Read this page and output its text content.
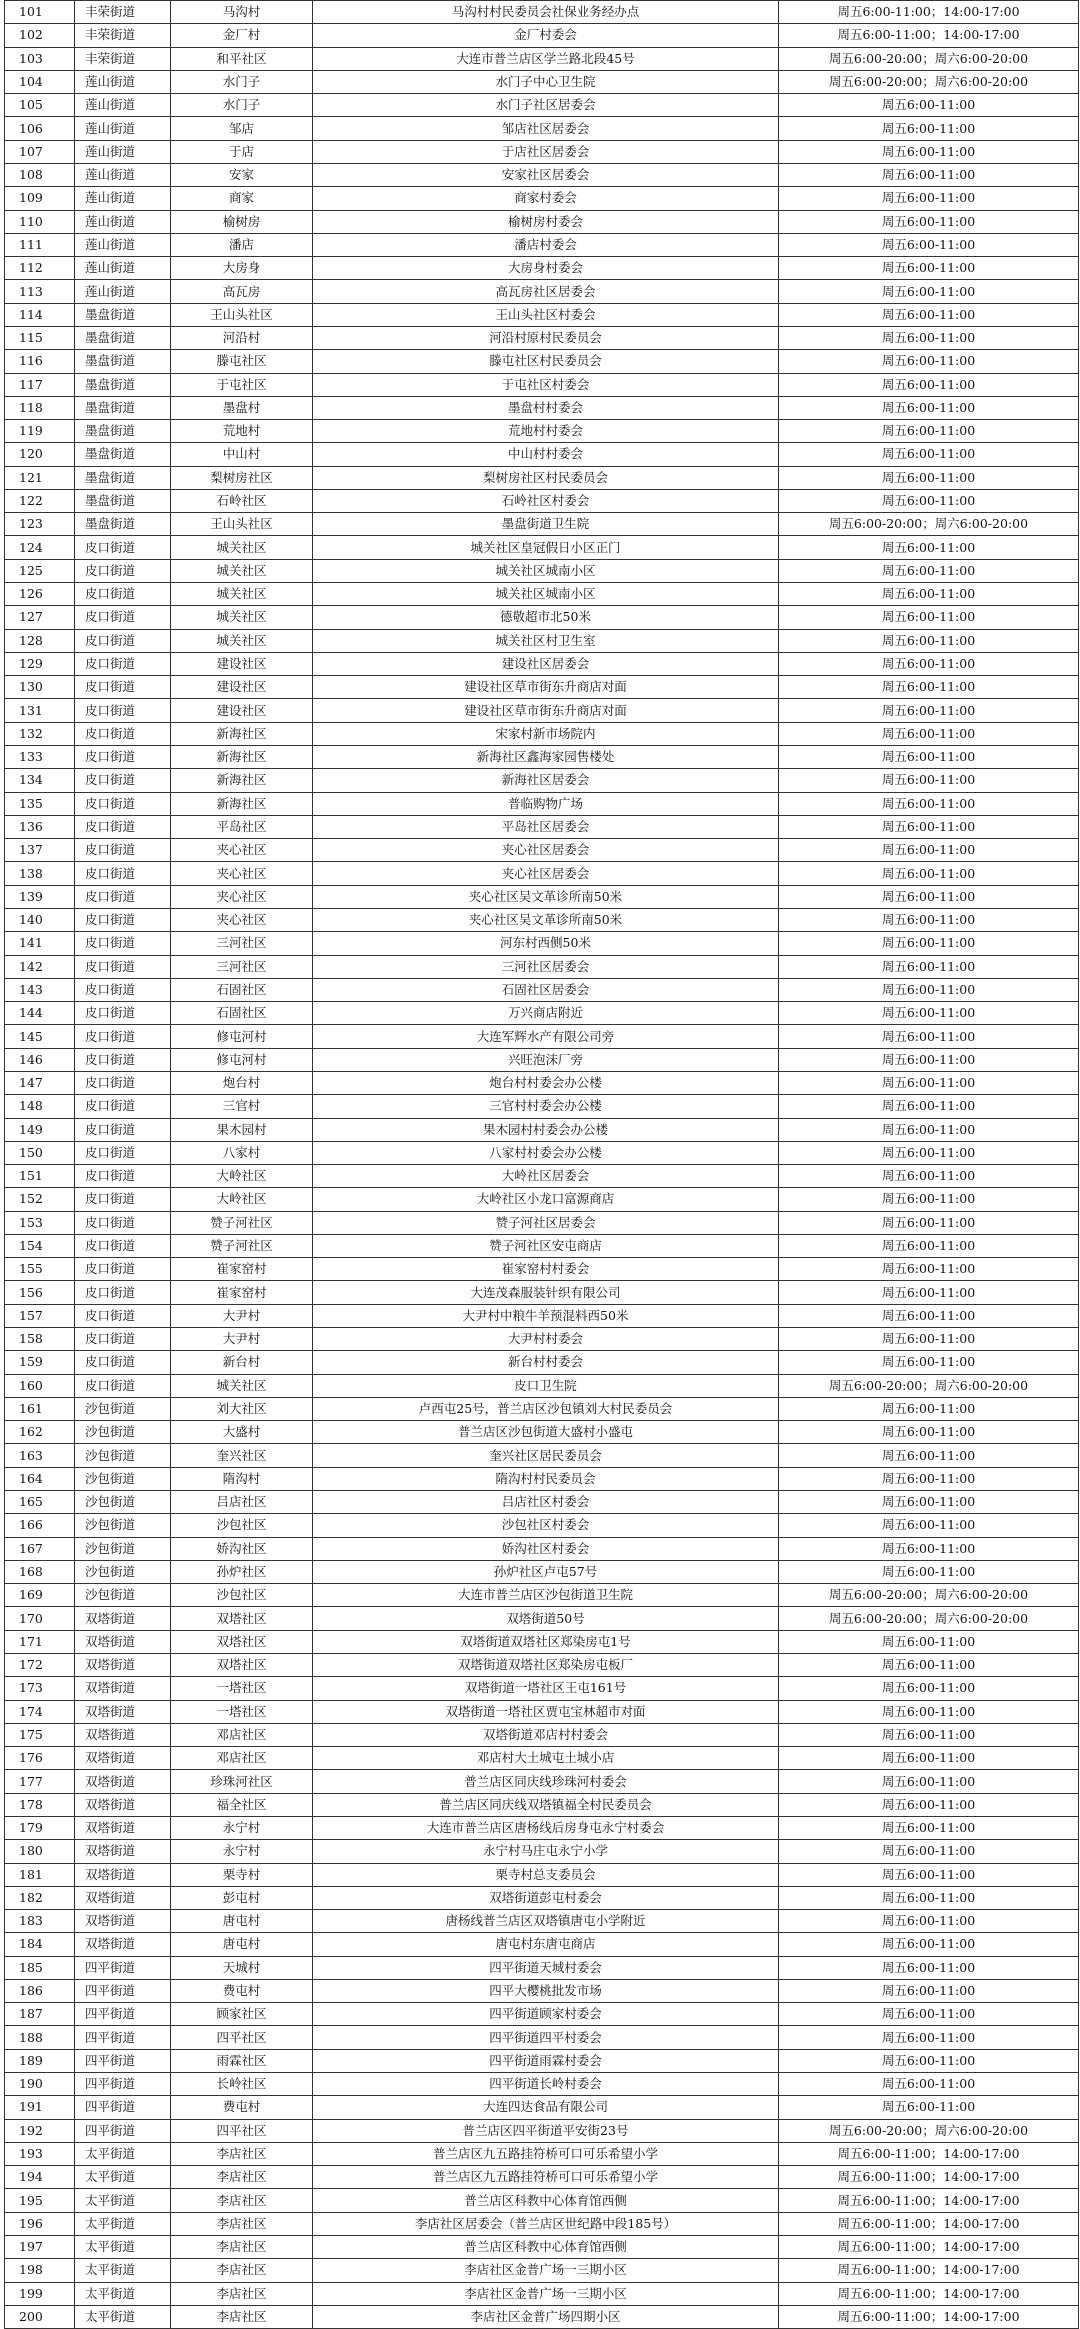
101	丰荣街道	马沟村	马沟村村民委员会社保业务经办点	周五6:00-11:00；14:00-17:00
102	丰荣街道	金厂村	金厂村委会	周五6:00-11:00；14:00-17:00
103	丰荣街道	和平社区	大连市普兰店区学兰路北段45号	周五6:00-20:00；周六6:00-20:00
104	莲山街道	水门子	水门子中心卫生院	周五6:00-20:00；周六6:00-20:00
105	莲山街道	水门子	水门子社区居委会	周五6:00-11:00
106	莲山街道	邹店	邹店社区居委会	周五6:00-11:00
107	莲山街道	于店	于店社区居委会	周五6:00-11:00
108	莲山街道	安家	安家社区居委会	周五6:00-11:00
109	莲山街道	商家	商家村委会	周五6:00-11:00
110	莲山街道	榆树房	榆树房村委会	周五6:00-11:00
111	莲山街道	潘店	潘店村委会	周五6:00-11:00
112	莲山街道	大房身	大房身村委会	周五6:00-11:00
113	莲山街道	高瓦房	高瓦房社区居委会	周五6:00-11:00
114	墨盘街道	王山头社区	王山头社区村委会	周五6:00-11:00
115	墨盘街道	河沿村	河沿村原村民委员会	周五6:00-11:00
116	墨盘街道	滕屯社区	滕屯社区村民委员会	周五6:00-11:00
117	墨盘街道	于屯社区	于屯社区村委会	周五6:00-11:00
118	墨盘街道	墨盘村	墨盘村村委会	周五6:00-11:00
119	墨盘街道	荒地村	荒地村村委会	周五6:00-11:00
120	墨盘街道	中山村	中山村村委会	周五6:00-11:00
121	墨盘街道	梨树房社区	梨树房社区村民委员会	周五6:00-11:00
122	墨盘街道	石岭社区	石岭社区村委会	周五6:00-11:00
123	墨盘街道	王山头社区	墨盘街道卫生院	周五6:00-20:00；周六6:00-20:00
124	皮口街道	城关社区	城关社区皇冠假日小区正门	周五6:00-11:00
125	皮口街道	城关社区	城关社区城南小区	周五6:00-11:00
126	皮口街道	城关社区	城关社区城南小区	周五6:00-11:00
127	皮口街道	城关社区	德敬超市北50米	周五6:00-11:00
128	皮口街道	城关社区	城关社区村卫生室	周五6:00-11:00
129	皮口街道	建设社区	建设社区居委会	周五6:00-11:00
130	皮口街道	建设社区	建设社区草市街东升商店对面	周五6:00-11:00
131	皮口街道	建设社区	建设社区草市街东升商店对面	周五6:00-11:00
132	皮口街道	新海社区	宋家村新市场院内	周五6:00-11:00
133	皮口街道	新海社区	新海社区鑫海家园售楼处	周五6:00-11:00
134	皮口街道	新海社区	新海社区居委会	周五6:00-11:00
135	皮口街道	新海社区	普临购物广场	周五6:00-11:00
136	皮口街道	平岛社区	平岛社区居委会	周五6:00-11:00
137	皮口街道	夹心社区	夹心社区居委会	周五6:00-11:00
138	皮口街道	夹心社区	夹心社区居委会	周五6:00-11:00
139	皮口街道	夹心社区	夹心社区吴文革诊所南50米	周五6:00-11:00
140	皮口街道	夹心社区	夹心社区吴文革诊所南50米	周五6:00-11:00
141	皮口街道	三河社区	河东村西侧50米	周五6:00-11:00
142	皮口街道	三河社区	三河社区居委会	周五6:00-11:00
143	皮口街道	石固社区	石固社区居委会	周五6:00-11:00
144	皮口街道	石固社区	万兴商店附近	周五6:00-11:00
145	皮口街道	修屯河村	大连军辉水产有限公司旁	周五6:00-11:00
146	皮口街道	修屯河村	兴旺泡沫厂旁	周五6:00-11:00
147	皮口街道	炮台村	炮台村村委会办公楼	周五6:00-11:00
148	皮口街道	三官村	三官村村委会办公楼	周五6:00-11:00
149	皮口街道	果木园村	果木园村村委会办公楼	周五6:00-11:00
150	皮口街道	八家村	八家村村委会办公楼	周五6:00-11:00
151	皮口街道	大岭社区	大岭社区居委会	周五6:00-11:00
152	皮口街道	大岭社区	大岭社区小龙口富源商店	周五6:00-11:00
153	皮口街道	赞子河社区	赞子河社区居委会	周五6:00-11:00
154	皮口街道	赞子河社区	赞子河社区安屯商店	周五6:00-11:00
155	皮口街道	崔家窑村	崔家窑村村委会	周五6:00-11:00
156	皮口街道	崔家窑村	大连茂森服装针织有限公司	周五6:00-11:00
157	皮口街道	大尹村	大尹村中粮牛羊预混料西50米	周五6:00-11:00
158	皮口街道	大尹村	大尹村村委会	周五6:00-11:00
159	皮口街道	新台村	新台村村委会	周五6:00-11:00
160	皮口街道	城关社区	皮口卫生院	周五6:00-20:00；周六6:00-20:00
161	沙包街道	刘大社区	卢西屯25号，普兰店区沙包镇刘大村民委员会	周五6:00-11:00
162	沙包街道	大盛村	普兰店区沙包街道大盛村小盛屯	周五6:00-11:00
163	沙包街道	奎兴社区	奎兴社区居民委员会	周五6:00-11:00
164	沙包街道	隋沟村	隋沟村村民委员会	周五6:00-11:00
165	沙包街道	吕店社区	吕店社区村委会	周五6:00-11:00
166	沙包街道	沙包社区	沙包社区村委会	周五6:00-11:00
167	沙包街道	娇沟社区	娇沟社区村委会	周五6:00-11:00
168	沙包街道	孙炉社区	孙炉社区卢屯57号	周五6:00-11:00
169	沙包街道	沙包社区	大连市普兰店区沙包街道卫生院	周五6:00-20:00；周六6:00-20:00
170	双塔街道	双塔社区	双塔街道50号	周五6:00-20:00；周六6:00-20:00
171	双塔街道	双塔社区	双塔街道双塔社区郑染房屯1号	周五6:00-11:00
172	双塔街道	双塔社区	双塔街道双塔社区郑染房屯板厂	周五6:00-11:00
173	双塔街道	一塔社区	双塔街道一塔社区王屯161号	周五6:00-11:00
174	双塔街道	一塔社区	双塔街道一塔社区贾屯宝林超市对面	周五6:00-11:00
175	双塔街道	邓店社区	双塔街道邓店村村委会	周五6:00-11:00
176	双塔街道	邓店社区	邓店村大土城屯土城小店	周五6:00-11:00
177	双塔街道	珍珠河社区	普兰店区同庆线珍珠河村委会	周五6:00-11:00
178	双塔街道	福全社区	普兰店区同庆线双塔镇福全村民委员会	周五6:00-11:00
179	双塔街道	永宁村	大连市普兰店区唐杨线后房身屯永宁村委会	周五6:00-11:00
180	双塔街道	永宁村	永宁村马庄屯永宁小学	周五6:00-11:00
181	双塔街道	栗寺村	栗寺村总支委员会	周五6:00-11:00
182	双塔街道	彭屯村	双塔街道彭屯村委会	周五6:00-11:00
183	双塔街道	唐屯村	唐杨线普兰店区双塔镇唐屯小学附近	周五6:00-11:00
184	双塔街道	唐屯村	唐屯村东唐屯商店	周五6:00-11:00
185	四平街道	天城村	四平街道天城村委会	周五6:00-11:00
186	四平街道	费屯村	四平大樱桃批发市场	周五6:00-11:00
187	四平街道	顾家社区	四平街道顾家村委会	周五6:00-11:00
188	四平街道	四平社区	四平街道四平村委会	周五6:00-11:00
189	四平街道	雨霖社区	四平街道雨霖村委会	周五6:00-11:00
190	四平街道	长岭社区	四平街道长岭村委会	周五6:00-11:00
191	四平街道	费屯村	大连四达食品有限公司	周五6:00-11:00
192	四平街道	四平社区	普兰店区四平街道平安街23号	周五6:00-20:00；周六6:00-20:00
193	太平街道	李店社区	普兰店区九五路挂符桥可口可乐希望小学	周五6:00-11:00；14:00-17:00
194	太平街道	李店社区	普兰店区九五路挂符桥可口可乐希望小学	周五6:00-11:00；14:00-17:00
195	太平街道	李店社区	普兰店区科教中心体育馆西侧	周五6:00-11:00；14:00-17:00
196	太平街道	李店社区	李店社区居委会（普兰店区世纪路中段185号）	周五6:00-11:00；14:00-17:00
197	太平街道	李店社区	普兰店区科教中心体育馆西侧	周五6:00-11:00；14:00-17:00
198	太平街道	李店社区	李店社区金普广场一三期小区	周五6:00-11:00；14:00-17:00
199	太平街道	李店社区	李店社区金普广场一三期小区	周五6:00-11:00；14:00-17:00
200	太平街道	李店社区	李店社区金普广场四期小区	周五6:00-11:00；14:00-17:00
